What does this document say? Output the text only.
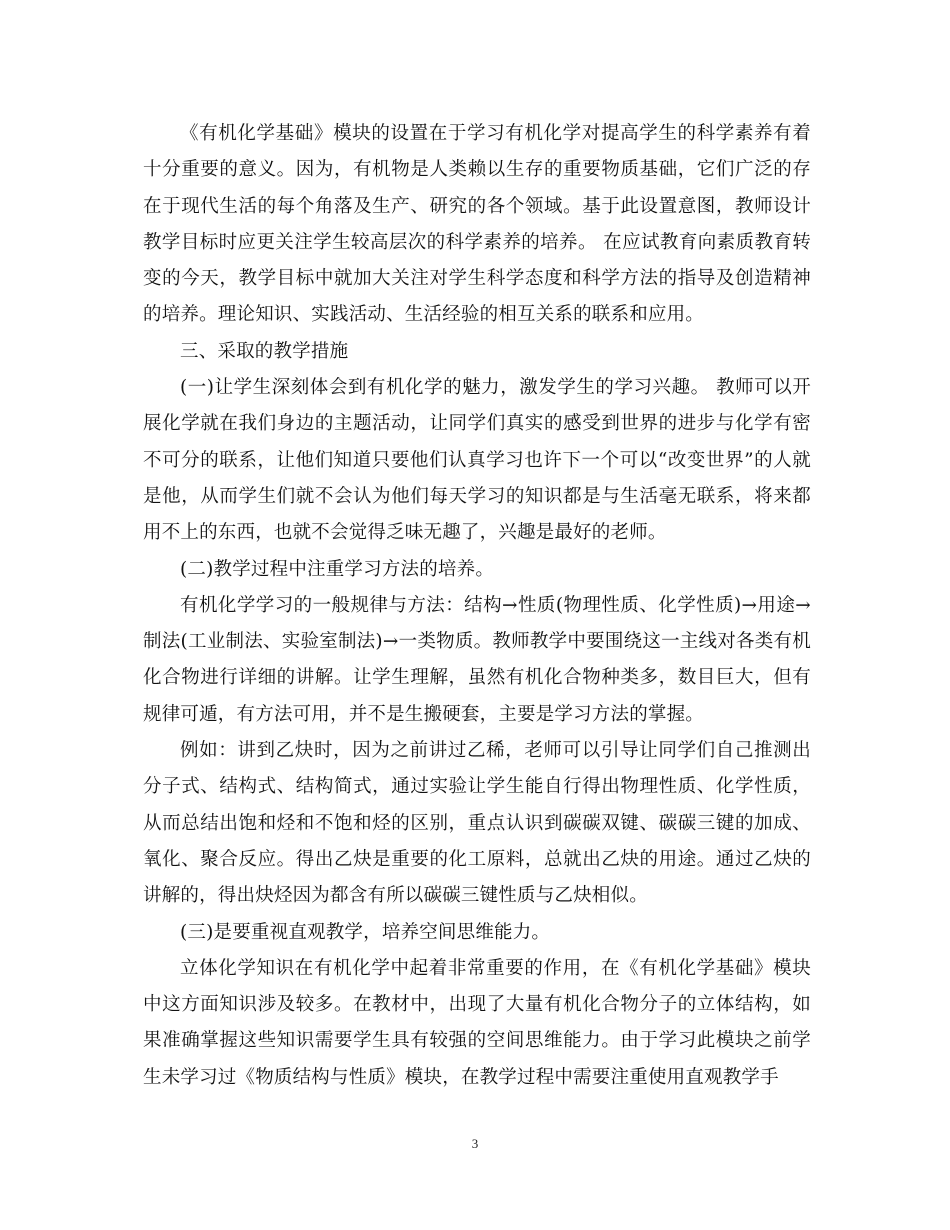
《有机化学基础》模块的设置在于学习有机化学对提高学生的科学素养有着十分重要的意义。因为，有机物是人类赖以生存的重要物质基础，它们广泛的存在于现代生活的每个角落及生产、研究的各个领域。基于此设置意图，教师设计教学目标时应更关注学生较高层次的科学素养的培养。 在应试教育向素质教育转变的今天，教学目标中就加大关注对学生科学态度和科学方法的指导及创造精神的培养。理论知识、实践活动、生活经验的相互关系的联系和应用。

三、采取的教学措施

(一)让学生深刻体会到有机化学的魅力，激发学生的学习兴趣。 教师可以开展化学就在我们身边的主题活动，让同学们真实的感受到世界的进步与化学有密不可分的联系，让他们知道只要他们认真学习也许下一个可以“改变世界”的人就是他，从而学生们就不会认为他们每天学习的知识都是与生活毫无联系，将来都用不上的东西，也就不会觉得乏味无趣了，兴趣是最好的老师。

(二)教学过程中注重学习方法的培养。

有机化学学习的一般规律与方法：结构→性质(物理性质、化学性质)→用途→制法(工业制法、实验室制法)→一类物质。教师教学中要围绕这一主线对各类有机化合物进行详细的讲解。让学生理解，虽然有机化合物种类多，数目巨大，但有规律可遁，有方法可用，并不是生搬硬套，主要是学习方法的掌握。

例如：讲到乙炔时，因为之前讲过乙稀，老师可以引导让同学们自己推测出分子式、结构式、结构简式，通过实验让学生能自行得出物理性质、化学性质，从而总结出饱和烃和不饱和烃的区别，重点认识到碳碳双键、碳碳三键的加成、氧化、聚合反应。得出乙炔是重要的化工原料，总就出乙炔的用途。通过乙炔的讲解的，得出炔烃因为都含有所以碳碳三键性质与乙炔相似。

(三)是要重视直观教学，培养空间思维能力。

立体化学知识在有机化学中起着非常重要的作用，在《有机化学基础》模块中这方面知识涉及较多。在教材中，出现了大量有机化合物分子的立体结构，如果准确掌握这些知识需要学生具有较强的空间思维能力。由于学习此模块之前学生未学习过《物质结构与性质》模块，在教学过程中需要注重使用直观教学手

3
